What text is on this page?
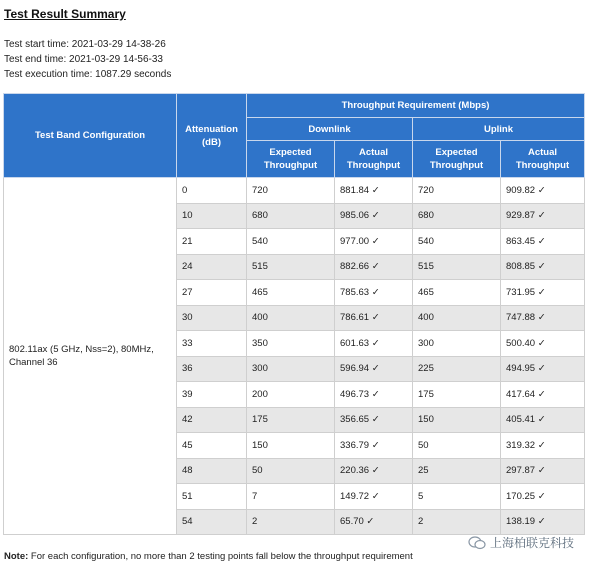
Test Result Summary
Test start time: 2021-03-29 14-38-26
Test end time: 2021-03-29 14-56-33
Test execution time: 1087.29 seconds
Test Band Configuration	Attenuation (dB)	Throughput Requirement (Mbps)			
		Downlink		Uplink	
		Expected Throughput	Actual Throughput	Expected Throughput	Actual Throughput
802.11ax (5 GHz, Nss=2), 80MHz, Channel 36	0	720	881.84 ✓	720	909.82 ✓
	10	680	985.06 ✓	680	929.87 ✓
	21	540	977.00 ✓	540	863.45 ✓
	24	515	882.66 ✓	515	808.85 ✓
	27	465	785.63 ✓	465	731.95 ✓
	30	400	786.61 ✓	400	747.88 ✓
	33	350	601.63 ✓	300	500.40 ✓
	36	300	596.94 ✓	225	494.95 ✓
	39	200	496.73 ✓	175	417.64 ✓
	42	175	356.65 ✓	150	405.41 ✓
	45	150	336.79 ✓	50	319.32 ✓
	48	50	220.36 ✓	25	297.87 ✓
	51	7	149.72 ✓	5	170.25 ✓
	54	2	65.70 ✓	2	138.19 ✓
Note: For each configuration, no more than 2 testing points fall below the throughput requirement
上海柏联克科技
